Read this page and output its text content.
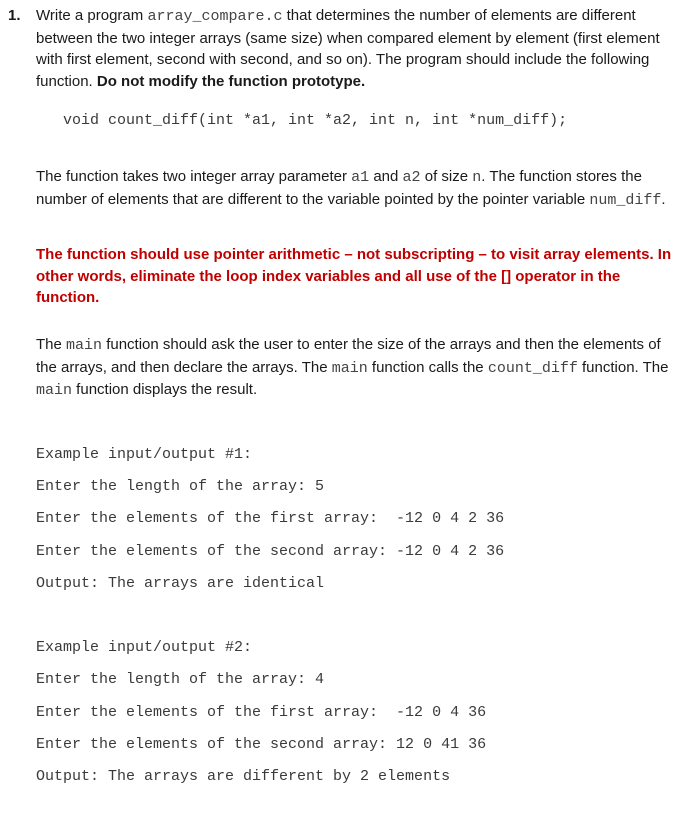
1. Write a program array_compare.c that determines the number of elements are different between the two integer arrays (same size) when compared element by element (first element with first element, second with second, and so on). The program should include the following function. Do not modify the function prototype.

void count_diff(int *a1, int *a2, int n, int *num_diff);

The function takes two integer array parameter a1 and a2 of size n. The function stores the number of elements that are different to the variable pointed by the pointer variable num_diff.

The function should use pointer arithmetic – not subscripting – to visit array elements. In other words, eliminate the loop index variables and all use of the [] operator in the function.

The main function should ask the user to enter the size of the arrays and then the elements of the arrays, and then declare the arrays. The main function calls the count_diff function. The main function displays the result.

Example input/output #1:
Enter the length of the array: 5
Enter the elements of the first array:  -12 0 4 2 36
Enter the elements of the second array: -12 0 4 2 36
Output: The arrays are identical
Example input/output #2:
Enter the length of the array: 4
Enter the elements of the first array:  -12 0 4 36
Enter the elements of the second array: 12 0 41 36
Output: The arrays are different by 2 elements
